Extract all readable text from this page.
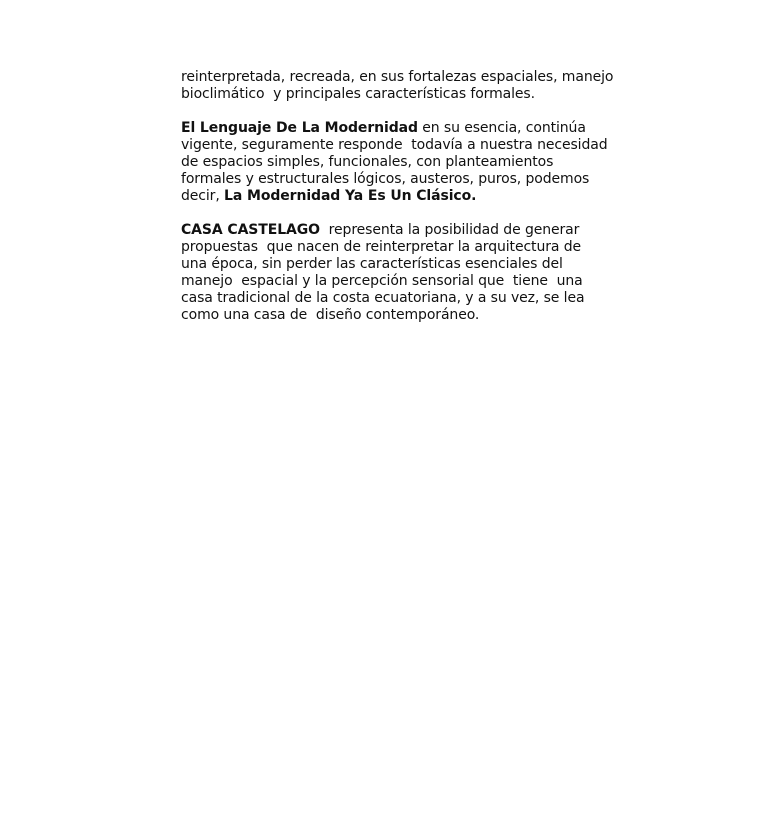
reinterpretada, recreada, en sus fortalezas espaciales, manejo
bioclimático  y principales características formales.

El Lenguaje De La Modernidad en su esencia, continúa
vigente, seguramente responde  todavía a nuestra necesidad
de espacios simples, funcionales, con planteamientos
formales y estructurales lógicos, austeros, puros, podemos
decir, La Modernidad Ya Es Un Clásico.

CASA CASTELAGO  representa la posibilidad de generar
propuestas  que nacen de reinterpretar la arquitectura de
una época, sin perder las características esenciales del
manejo  espacial y la percepción sensorial que  tiene  una
casa tradicional de la costa ecuatoriana, y a su vez, se lea
como una casa de  diseño contemporáneo.
